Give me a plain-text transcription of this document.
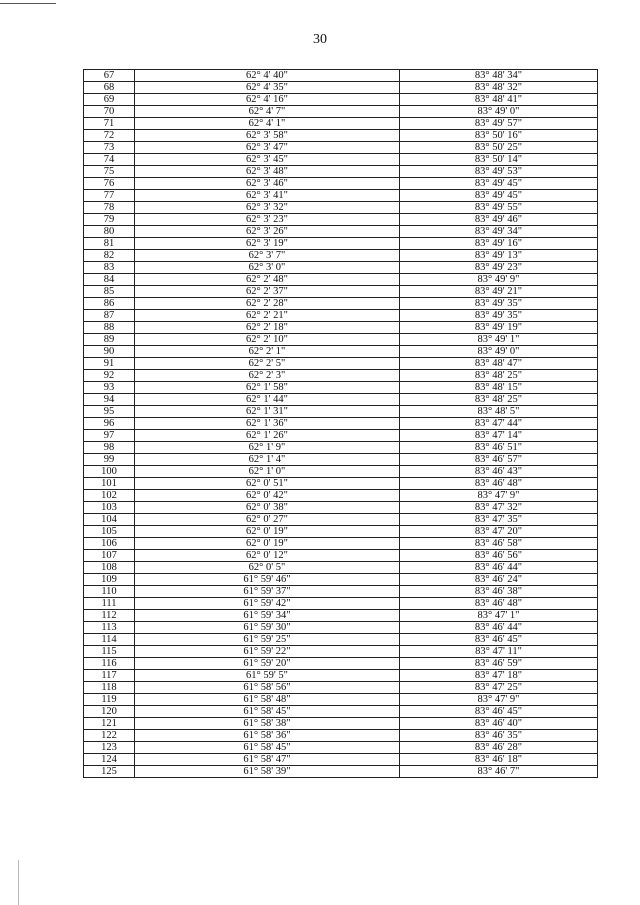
30
67	62° 4' 40"	83° 48' 34"
68	62° 4' 35"	83° 48' 32"
69	62° 4' 16"	83° 48' 41"
70	62° 4' 7"	83° 49' 0"
71	62° 4' 1"	83° 49' 57"
72	62° 3' 58"	83° 50' 16"
73	62° 3' 47"	83° 50' 25"
74	62° 3' 45"	83° 50' 14"
75	62° 3' 48"	83° 49' 53"
76	62° 3' 46"	83° 49' 45"
77	62° 3' 41"	83° 49' 45"
78	62° 3' 32"	83° 49' 55"
79	62° 3' 23"	83° 49' 46"
80	62° 3' 26"	83° 49' 34"
81	62° 3' 19"	83° 49' 16"
82	62° 3' 7"	83° 49' 13"
83	62° 3' 0"	83° 49' 23"
84	62° 2' 48"	83° 49' 9"
85	62° 2' 37"	83° 49' 21"
86	62° 2' 28"	83° 49' 35"
87	62° 2' 21"	83° 49' 35"
88	62° 2' 18"	83° 49' 19"
89	62° 2' 10"	83° 49' 1"
90	62° 2' 1"	83° 49' 0"
91	62° 2' 5"	83° 48' 47"
92	62° 2' 3"	83° 48' 25"
93	62° 1' 58"	83° 48' 15"
94	62° 1' 44"	83° 48' 25"
95	62° 1' 31"	83° 48' 5"
96	62° 1' 36"	83° 47' 44"
97	62° 1' 26"	83° 47' 14"
98	62° 1' 9"	83° 46' 51"
99	62° 1' 4"	83° 46' 57"
100	62° 1' 0"	83° 46' 43"
101	62° 0' 51"	83° 46' 48"
102	62° 0' 42"	83° 47' 9"
103	62° 0' 38"	83° 47' 32"
104	62° 0' 27"	83° 47' 35"
105	62° 0' 19"	83° 47' 20"
106	62° 0' 19"	83° 46' 58"
107	62° 0' 12"	83° 46' 56"
108	62° 0' 5"	83° 46' 44"
109	61° 59' 46"	83° 46' 24"
110	61° 59' 37"	83° 46' 38"
111	61° 59' 42"	83° 46' 48"
112	61° 59' 34"	83° 47' 1"
113	61° 59' 30"	83° 46' 44"
114	61° 59' 25"	83° 46' 45"
115	61° 59' 22"	83° 47' 11"
116	61° 59' 20"	83° 46' 59"
117	61° 59' 5"	83° 47' 18"
118	61° 58' 56"	83° 47' 25"
119	61° 58' 48"	83° 47' 9"
120	61° 58' 45"	83° 46' 45"
121	61° 58' 38"	83° 46' 40"
122	61° 58' 36"	83° 46' 35"
123	61° 58' 45"	83° 46' 28"
124	61° 58' 47"	83° 46' 18"
125	61° 58' 39"	83° 46' 7"
